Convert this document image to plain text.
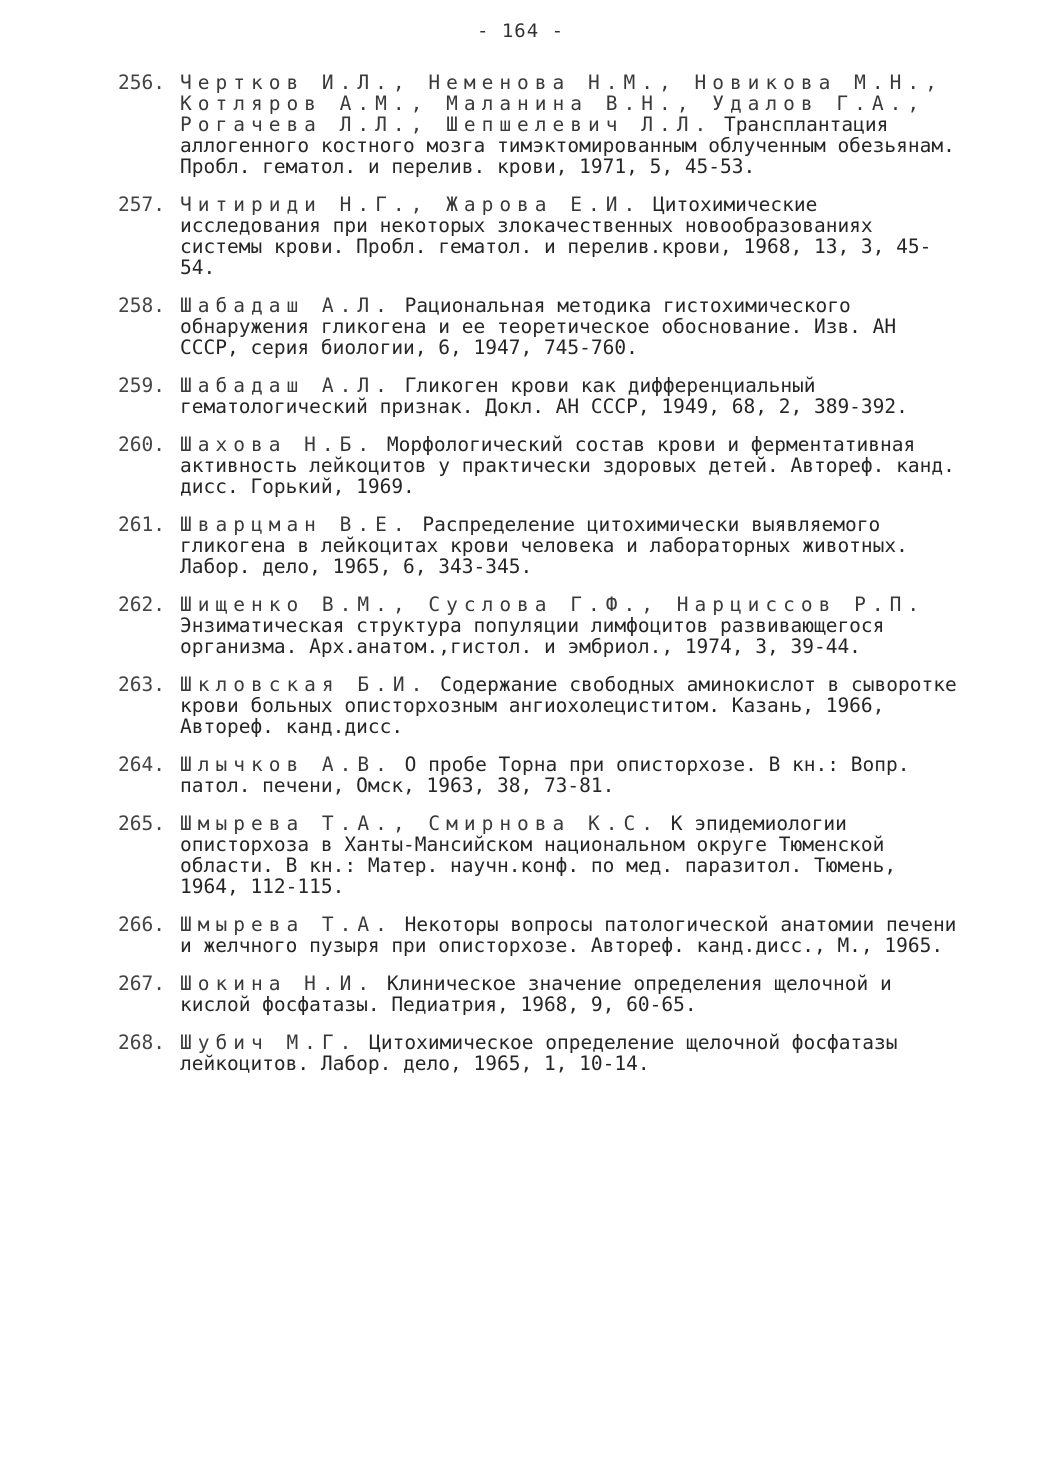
- 164 -
256. Чертков И.Л., Неменова Н.М., Новикова М.Н., Котляров А.М., Маланина В.Н., Удалов Г.А., Рогачева Л.Л., Шепшелевич Л.Л. Трансплантация аллогенного костного мозга тимэктомированным облученным обезьянам. Пробл. гематол. и перелив. крови, 1971, 5, 45-53.
257. Читириди Н.Г., Жарова Е.И. Цитохимические исследования при некоторых злокачественных новообразованиях системы крови. Пробл. гематол. и перелив.крови, 1968, 13, 3, 45-54.
258. Шабадаш А.Л. Рациональная методика гистохимического обнаружения гликогена и ее теоретическое обоснование. Изв. АН СССР, серия биологии, 6, 1947, 745-760.
259. Шабадаш А.Л. Гликоген крови как дифференциальный гематологический признак. Докл. АН СССР, 1949, 68, 2, 389-392.
260. Шахова Н.Б. Морфологический состав крови и ферментативная активность лейкоцитов у практически здоровых детей. Автореф. канд. дисс. Горький, 1969.
261. Шварцман В.Е. Распределение цитохимически выявляемого гликогена в лейкоцитах крови человека и лабораторных животных. Лабор. дело, 1965, 6, 343-345.
262. Шищенко В.М., Суслова Г.Ф., Нарциссов Р.П. Энзиматическая структура популяции лимфоцитов развивающегося организма. Арх.анатом.,гистол. и эмбриол., 1974, 3, 39-44.
263. Шкловская Б.И. Содержание свободных аминокислот в сыворотке крови больных описторхозным ангиохолециститом. Казань, 1966, Автореф. канд.дисс.
264. Шлычков А.В. О пробе Торна при описторхозе. В кн.: Вопр. патол. печени, Омск, 1963, 38, 73-81.
265. Шмырева Т.А., Смирнова К.С. К эпидемиологии описторхоза в Ханты-Мансийском национальном округе Тюменской области. В кн.: Матер. научн.конф. по мед. паразитол. Тюмень, 1964, 112-115.
266. Шмырева Т.А. Некоторы вопросы патологической анатомии печени и желчного пузыря при описторхозе. Автореф. канд.дисс., М., 1965.
267. Шокина Н.И. Клиническое значение определения щелочной и кислой фосфатазы. Педиатрия, 1968, 9, 60-65.
268. Шубич М.Г. Цитохимическое определение щелочной фосфатазы лейкоцитов. Лабор. дело, 1965, 1, 10-14.
